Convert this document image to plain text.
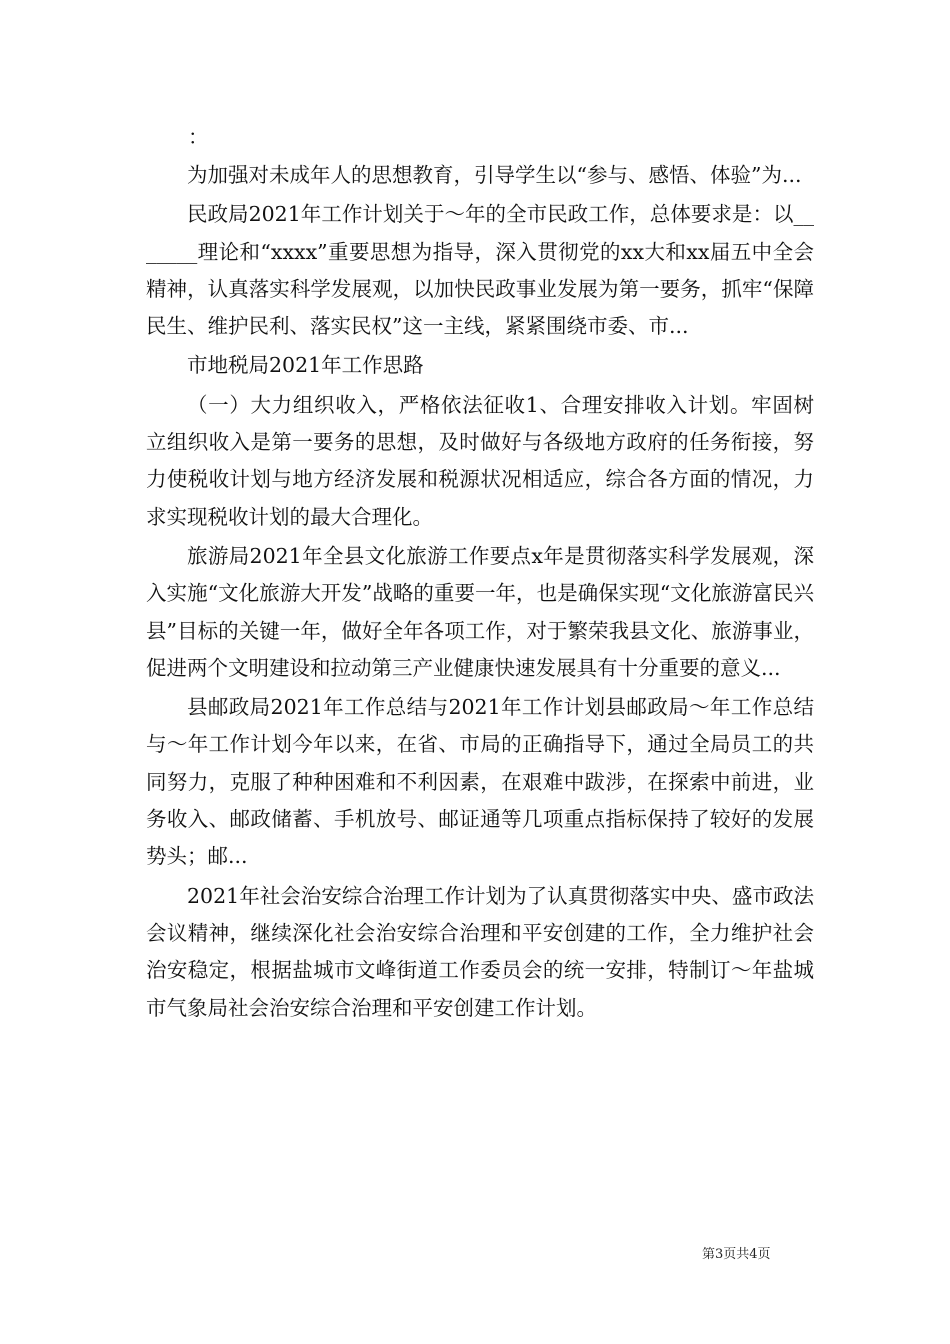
：

为加强对未成年人的思想教育，引导学生以“参与、感悟、体验”为...

民政局2021年工作计划关于～年的全市民政工作，总体要求是：以_______理论和“xxxx”重要思想为指导，深入贯彻党的xx大和xx届五中全会精神，认真落实科学发展观，以加快民政事业发展为第一要务，抓牢“保障民生、维护民利、落实民权”这一主线，紧紧围绕市委、市...

市地税局2021年工作思路

（一）大力组织收入，严格依法征收1、合理安排收入计划。牢固树立组织收入是第一要务的思想，及时做好与各级地方政府的任务衔接，努力使税收计划与地方经济发展和税源状况相适应，综合各方面的情况，力求实现税收计划的最大合理化。

旅游局2021年全县文化旅游工作要点x年是贯彻落实科学发展观，深入实施“文化旅游大开发”战略的重要一年，也是确保实现“文化旅游富民兴县”目标的关键一年，做好全年各项工作，对于繁荣我县文化、旅游事业，促进两个文明建设和拉动第三产业健康快速发展具有十分重要的意义...

县邮政局2021年工作总结与2021年工作计划县邮政局～年工作总结与～年工作计划今年以来，在省、市局的正确指导下，通过全局员工的共同努力，克服了种种困难和不利因素，在艰难中跋涉，在探索中前进，业务收入、邮政储蓄、手机放号、邮证通等几项重点指标保持了较好的发展势头；邮...

2021年社会治安综合治理工作计划为了认真贯彻落实中央、盛市政法会议精神，继续深化社会治安综合治理和平安创建的工作，全力维护社会治安稳定，根据盐城市文峰街道工作委员会的统一安排，特制订～年盐城市气象局社会治安综合治理和平安创建工作计划。

第3页共4页
